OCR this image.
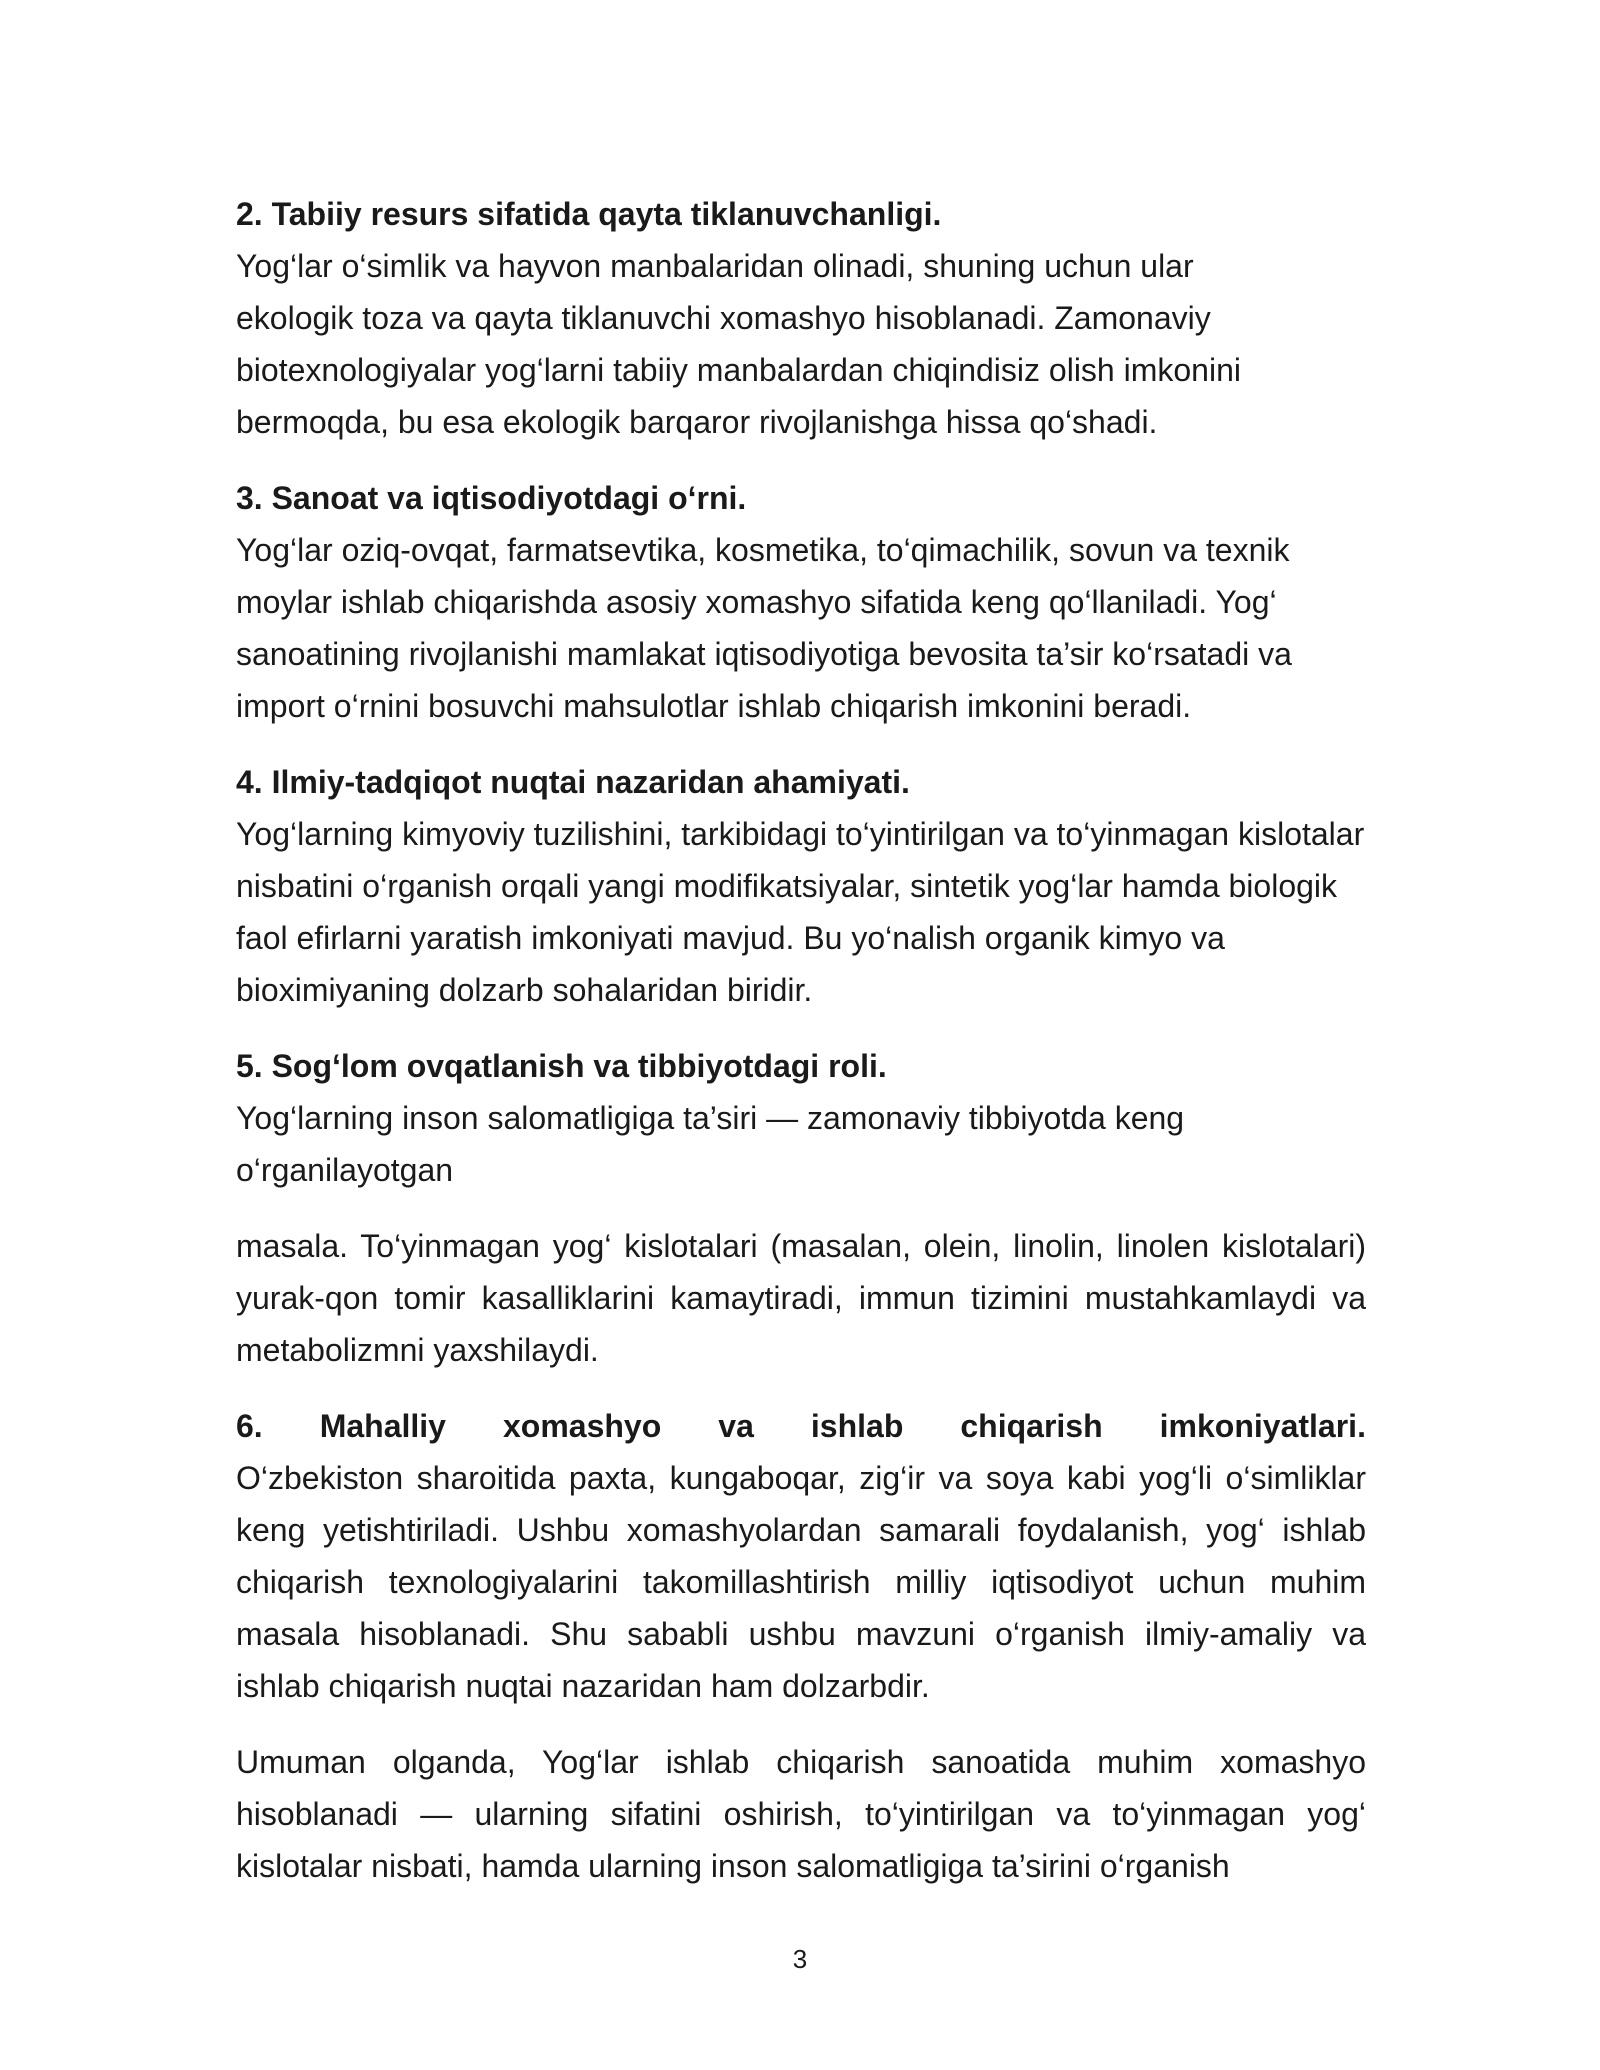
2. Tabiiy resurs sifatida qayta tiklanuvchanligi.

Yog‘lar o‘simlik va hayvon manbalaridan olinadi, shuning uchun ular ekologik toza va qayta tiklanuvchi xomashyo hisoblanadi. Zamonaviy biotexnologiyalar yog‘larni tabiiy manbalardan chiqindisiz olish imkonini bermoqda, bu esa ekologik barqaror rivojlanishga hissa qo‘shadi.

3. Sanoat va iqtisodiyotdagi o‘rni.

Yog‘lar oziq-ovqat, farmatsevtika, kosmetika, to‘qimachilik, sovun va texnik moylar ishlab chiqarishda asosiy xomashyo sifatida keng qo‘llaniladi. Yog‘ sanoatining rivojlanishi mamlakat iqtisodiyotiga bevosita ta’sir ko‘rsatadi va import o‘rnini bosuvchi mahsulotlar ishlab chiqarish imkonini beradi.

4. Ilmiy-tadqiqot nuqtai nazaridan ahamiyati.

Yog‘larning kimyoviy tuzilishini, tarkibidagi to‘yintirilgan va to‘yinmagan kislotalar nisbatini o‘rganish orqali yangi modifikatsiyalar, sintetik yog‘lar hamda biologik faol efirlarni yaratish imkoniyati mavjud. Bu yo‘nalish organik kimyo va bioximiyaning dolzarb sohalaridan biridir.

5. Sog‘lom ovqatlanish va tibbiyotdagi roli.

Yog‘larning inson salomatligiga ta’siri — zamonaviy tibbiyotda keng o‘rganilayotgan

masala. To‘yinmagan yog‘ kislotalari (masalan, olein, linolin, linolen kislotalari) yurak-qon tomir kasalliklarini kamaytiradi, immun tizimini mustahkamlaydi va metabolizmni yaxshilaydi.

6. Mahalliy xomashyo va ishlab chiqarish imkoniyatlari.

O‘zbekiston sharoitida paxta, kungaboqar, zig‘ir va soya kabi yog‘li o‘simliklar keng yetishtiriladi. Ushbu xomashyolardan samarali foydalanish, yog‘ ishlab chiqarish texnologiyalarini takomillashtirish milliy iqtisodiyot uchun muhim masala hisoblanadi. Shu sababli ushbu mavzuni o‘rganish ilmiy-amaliy va ishlab chiqarish nuqtai nazaridan ham dolzarbdir.

Umuman olganda, Yog‘lar ishlab chiqarish sanoatida muhim xomashyo hisoblanadi — ularning sifatini oshirish, to‘yintirilgan va to‘yinmagan yog‘ kislotalar nisbati, hamda ularning inson salomatligiga ta’sirini o‘rganish

3
